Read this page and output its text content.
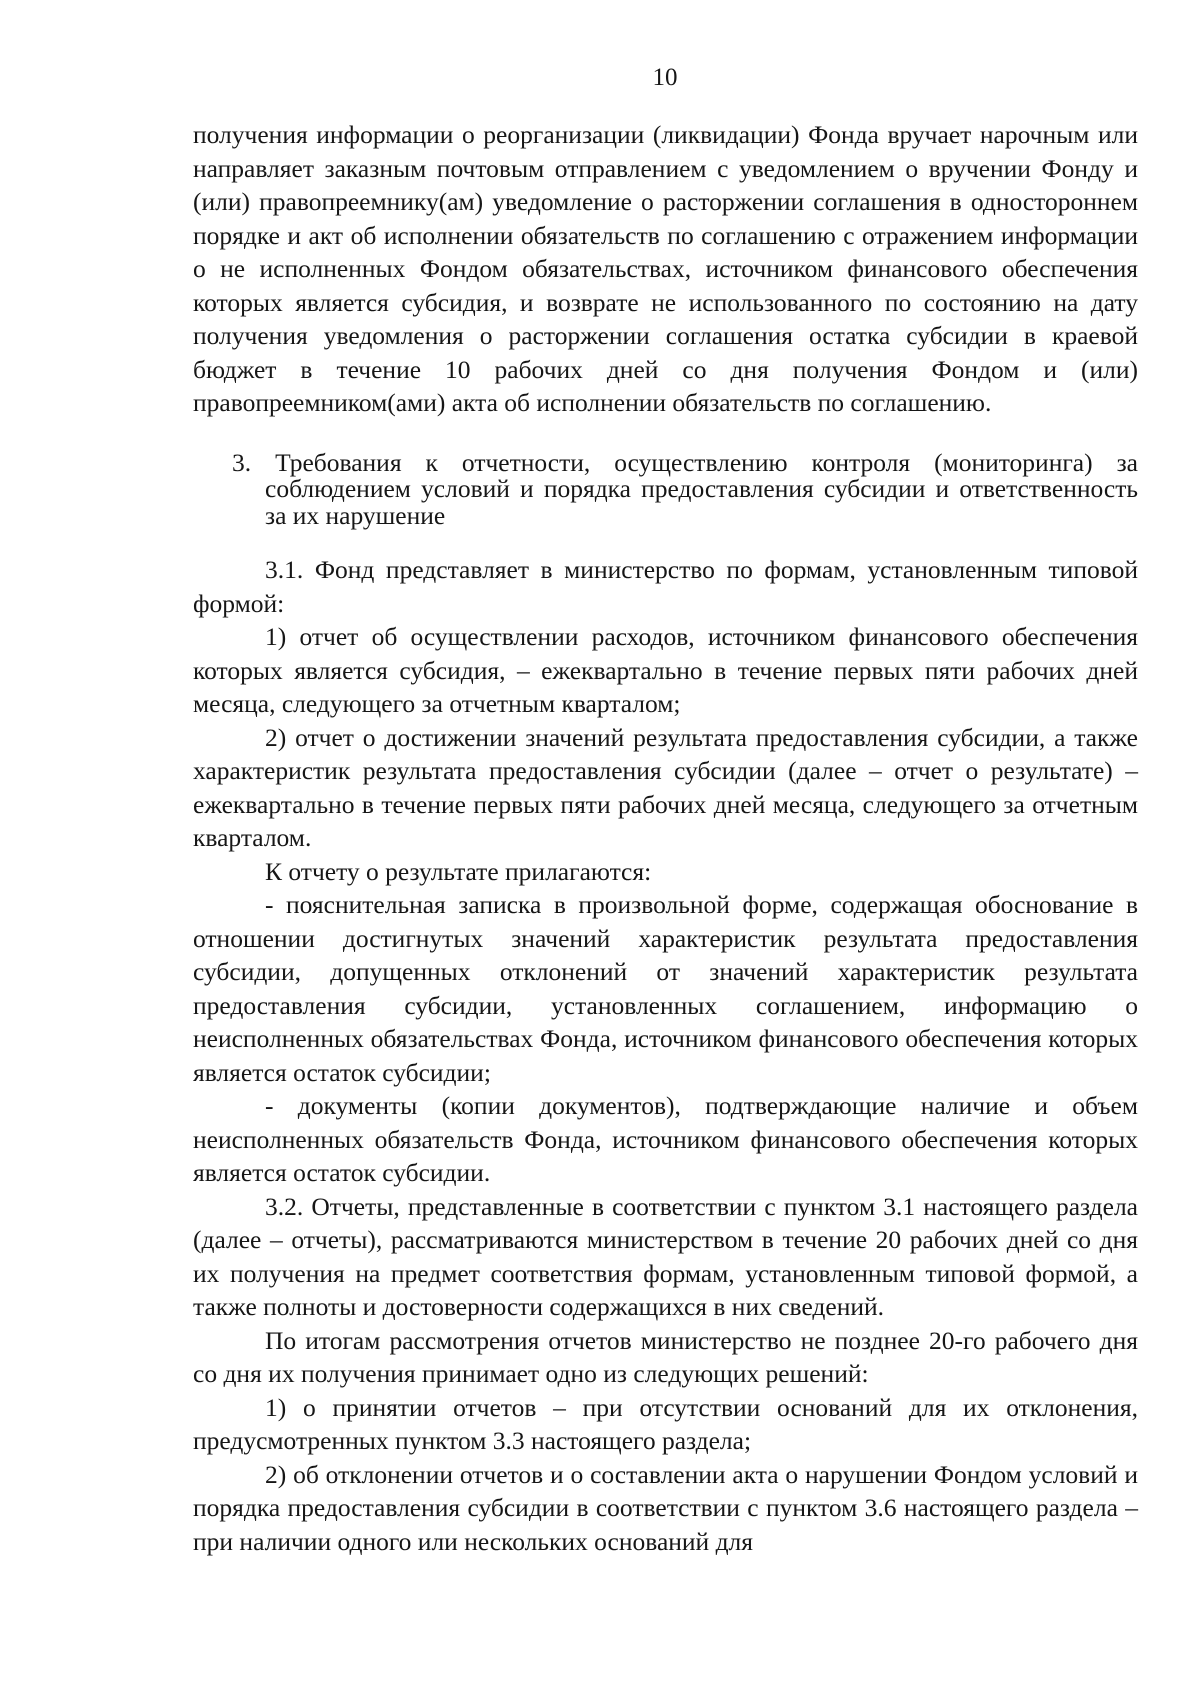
10

получения информации о реорганизации (ликвидации) Фонда вручает нарочным или направляет заказным почтовым отправлением с уведомлением о вручении Фонду и (или) правопреемнику(ам) уведомление о расторжении соглашения в одностороннем порядке и акт об исполнении обязательств по соглашению с отражением информации о не исполненных Фондом обязательствах, источником финансового обеспечения которых является субсидия, и возврате не использованного по состоянию на дату получения уведомления о расторжении соглашения остатка субсидии в краевой бюджет в течение 10 рабочих дней со дня получения Фондом и (или) правопреемником(ами) акта об исполнении обязательств по соглашению.

3. Требования к отчетности, осуществлению контроля (мониторинга) за соблюдением условий и порядка предоставления субсидии и ответственность за их нарушение

3.1. Фонд представляет в министерство по формам, установленным типовой формой:

1) отчет об осуществлении расходов, источником финансового обеспечения которых является субсидия, – ежеквартально в течение первых пяти рабочих дней месяца, следующего за отчетным кварталом;

2) отчет о достижении значений результата предоставления субсидии, а также характеристик результата предоставления субсидии (далее – отчет о результате) – ежеквартально в течение первых пяти рабочих дней месяца, следующего за отчетным кварталом.

К отчету о результате прилагаются:

- пояснительная записка в произвольной форме, содержащая обоснование в отношении достигнутых значений характеристик результата предоставления субсидии, допущенных отклонений от значений характеристик результата предоставления субсидии, установленных соглашением, информацию о неисполненных обязательствах Фонда, источником финансового обеспечения которых является остаток субсидии;

- документы (копии документов), подтверждающие наличие и объем неисполненных обязательств Фонда, источником финансового обеспечения которых является остаток субсидии.

3.2. Отчеты, представленные в соответствии с пунктом 3.1 настоящего раздела (далее – отчеты), рассматриваются министерством в течение 20 рабочих дней со дня их получения на предмет соответствия формам, установленным типовой формой, а также полноты и достоверности содержащихся в них сведений.

По итогам рассмотрения отчетов министерство не позднее 20-го рабочего дня со дня их получения принимает одно из следующих решений:

1) о принятии отчетов – при отсутствии оснований для их отклонения, предусмотренных пунктом 3.3 настоящего раздела;

2) об отклонении отчетов и о составлении акта о нарушении Фондом условий и порядка предоставления субсидии в соответствии с пунктом 3.6 настоящего раздела – при наличии одного или нескольких оснований для
